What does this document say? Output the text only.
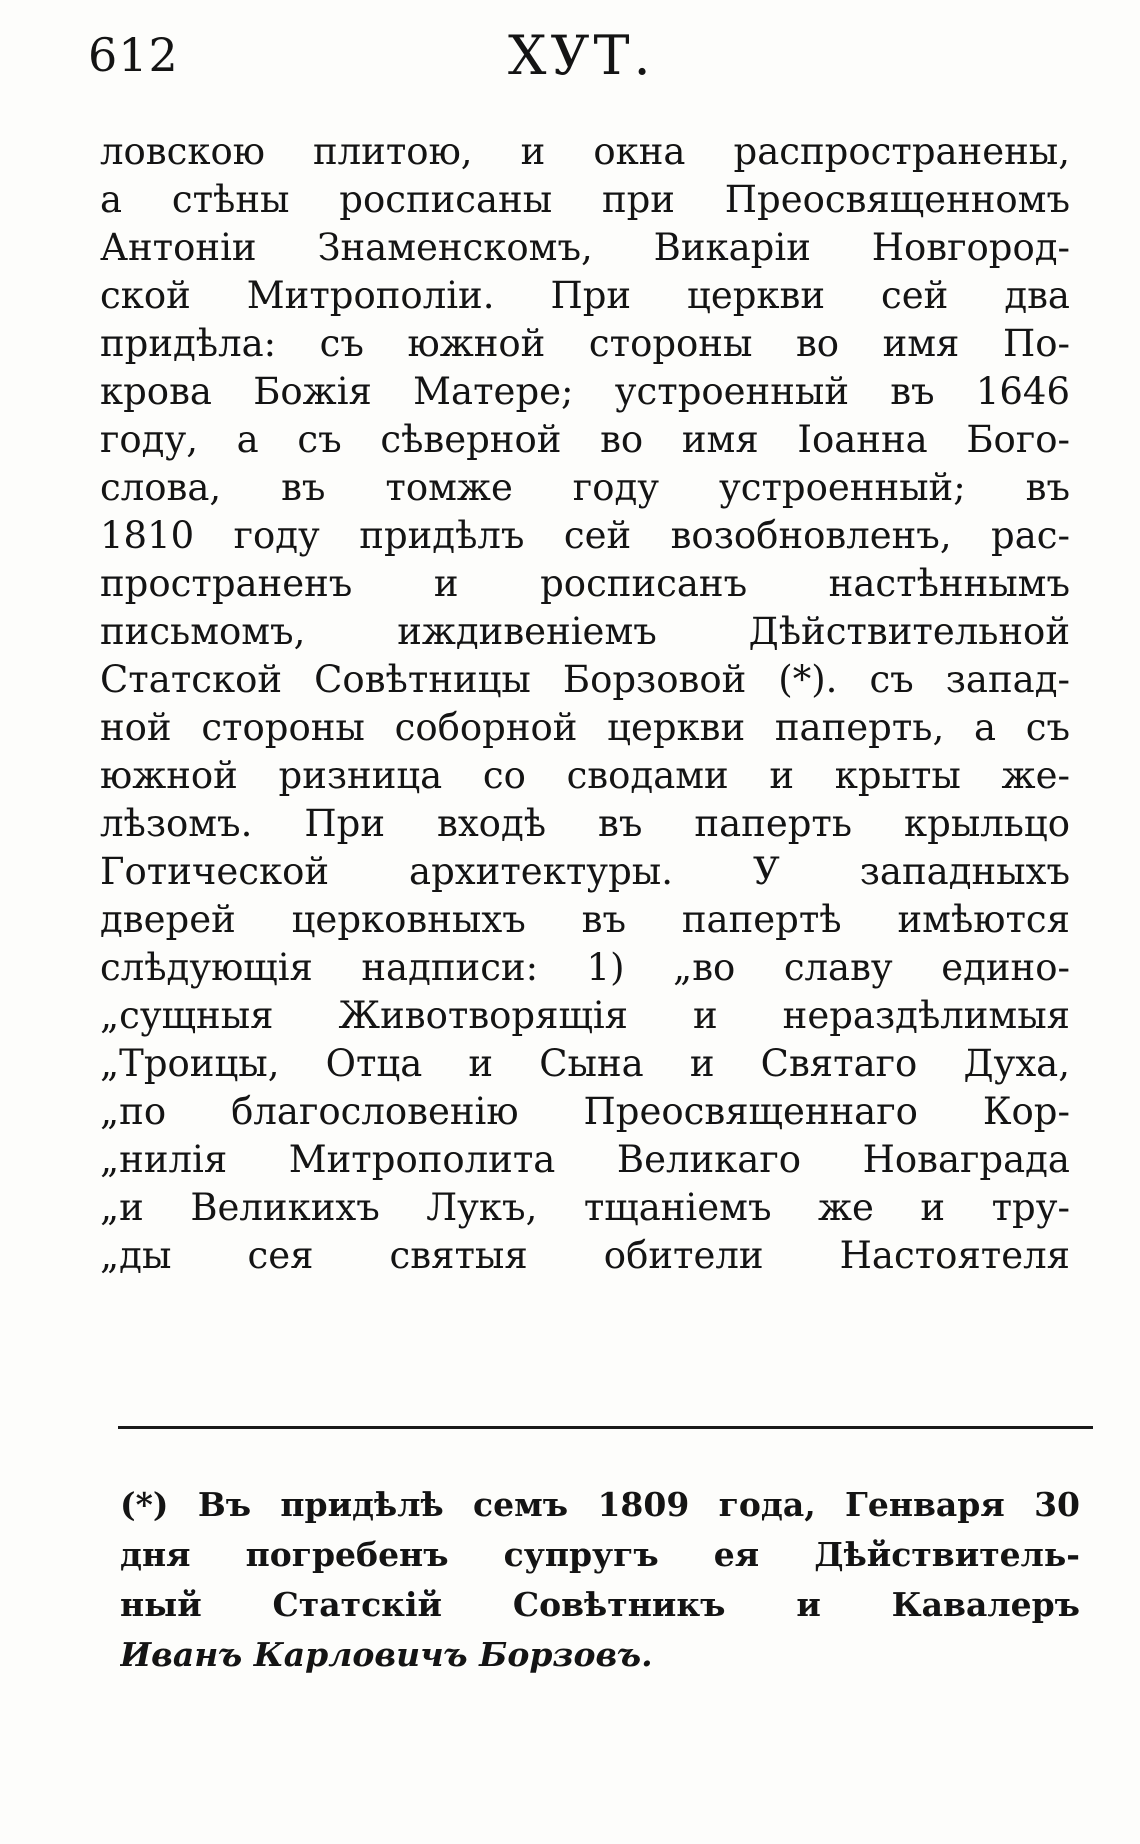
612	ХУТ.
ловскою плитою, и окна распространены,
а стѣны росписаны при Преосвященномъ
Антоніи Знаменскомъ, Викаріи Новгород-
ской Митрополіи. При церкви сей два
придѣла: съ южной стороны во имя По-
крова Божія Матере; устроенный въ 1646
году, а съ сѣверной во имя Іоанна Бого-
слова, въ томже году устроенный; въ
1810 году придѣлъ сей возобновленъ, рас-
пространенъ и росписанъ настѣннымъ
письмомъ, иждивеніемъ Дѣйствительной
Статской Совѣтницы Борзовой (*). съ запад-
ной стороны соборной церкви паперть, а съ
южной ризница со сводами и крыты же-
лѣзомъ. При входѣ въ паперть крыльцо
Готической архитектуры. У западныхъ
дверей церковныхъ въ папертѣ имѣются
слѣдующія надписи: 1) „во славу едино-
„сущныя Животворящія и нераздѣлимыя
„Троицы, Отца и Сына и Святаго Духа,
„по благословенію Преосвященнаго Кор-
„нилія Митрополита Великаго Новаграда
„и Великихъ Лукъ, тщаніемъ же и тру-
„ды сея святыя обители Настоятеля
(*) Въ придѣлѣ семъ 1809 года, Генваря 30
дня погребенъ супругъ ея Дѣйствитель-
ный Статскій Совѣтникъ и Кавалеръ
Иванъ Карловичъ Борзовъ.
